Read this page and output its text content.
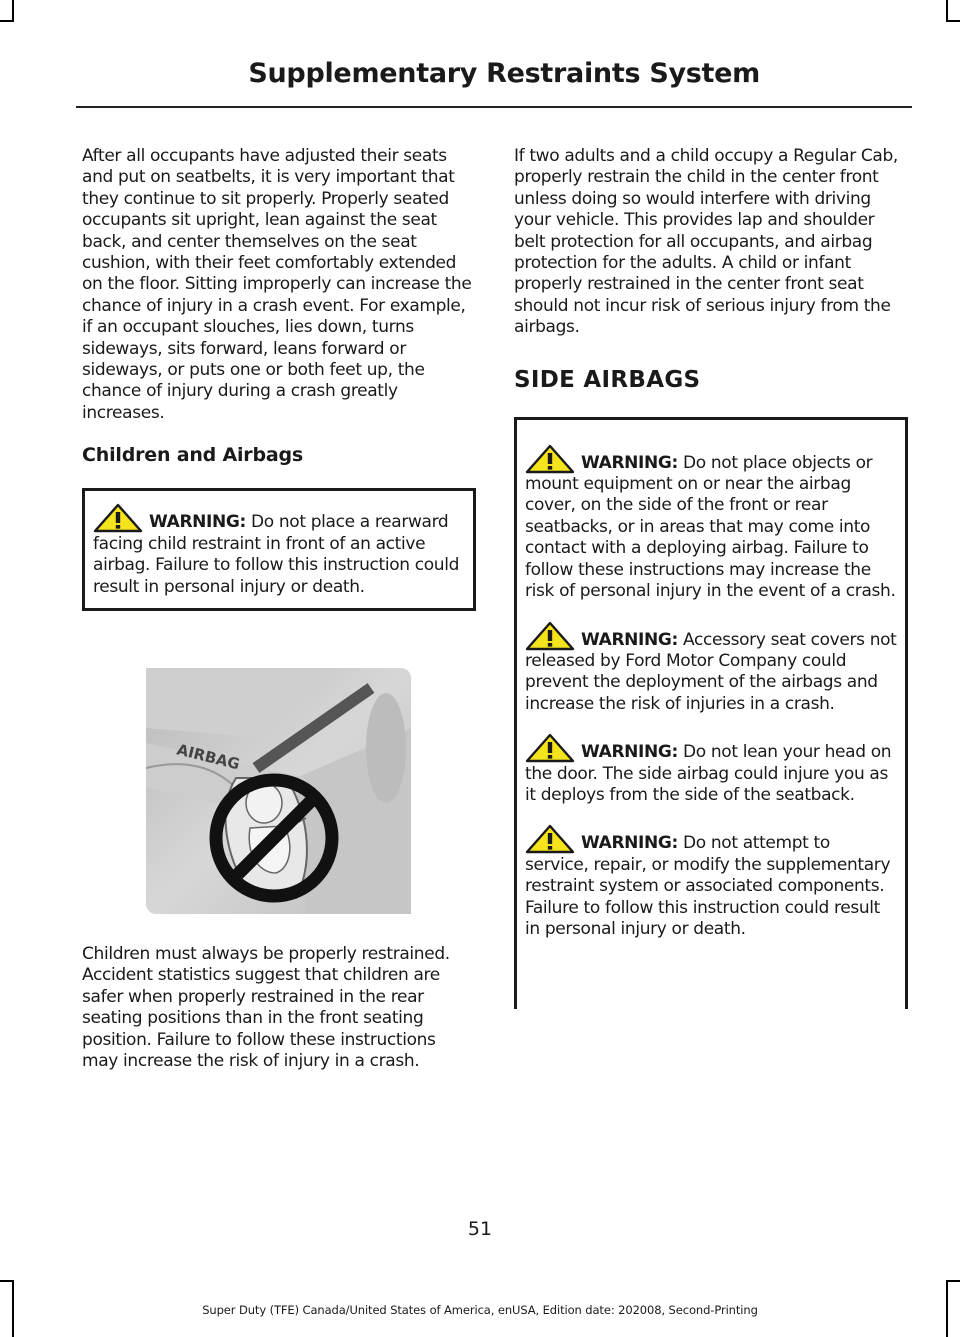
Supplementary Restraints System

After all occupants have adjusted their seats and put on seatbelts, it is very important that they continue to sit properly. Properly seated occupants sit upright, lean against the seat back, and center themselves on the seat cushion, with their feet comfortably extended on the floor. Sitting improperly can increase the chance of injury in a crash event. For example, if an occupant slouches, lies down, turns sideways, sits forward, leans forward or sideways, or puts one or both feet up, the chance of injury during a crash greatly increases.

Children and Airbags

WARNING: Do not place a rearward facing child restraint in front of an active airbag. Failure to follow this instruction could result in personal injury or death.

AIRBAG

Children must always be properly restrained. Accident statistics suggest that children are safer when properly restrained in the rear seating positions than in the front seating position. Failure to follow these instructions may increase the risk of injury in a crash.

If two adults and a child occupy a Regular Cab, properly restrain the child in the center front unless doing so would interfere with driving your vehicle. This provides lap and shoulder belt protection for all occupants, and airbag protection for the adults. A child or infant properly restrained in the center front seat should not incur risk of serious injury from the airbags.

SIDE AIRBAGS

WARNING: Do not place objects or mount equipment on or near the airbag cover, on the side of the front or rear seatbacks, or in areas that may come into contact with a deploying airbag. Failure to follow these instructions may increase the risk of personal injury in the event of a crash.

WARNING: Accessory seat covers not released by Ford Motor Company could prevent the deployment of the airbags and increase the risk of injuries in a crash.

WARNING: Do not lean your head on the door. The side airbag could injure you as it deploys from the side of the seatback.

WARNING: Do not attempt to service, repair, or modify the supplementary restraint system or associated components. Failure to follow this instruction could result in personal injury or death.

51
Super Duty (TFE) Canada/United States of America, enUSA, Edition date: 202008, Second-Printing
